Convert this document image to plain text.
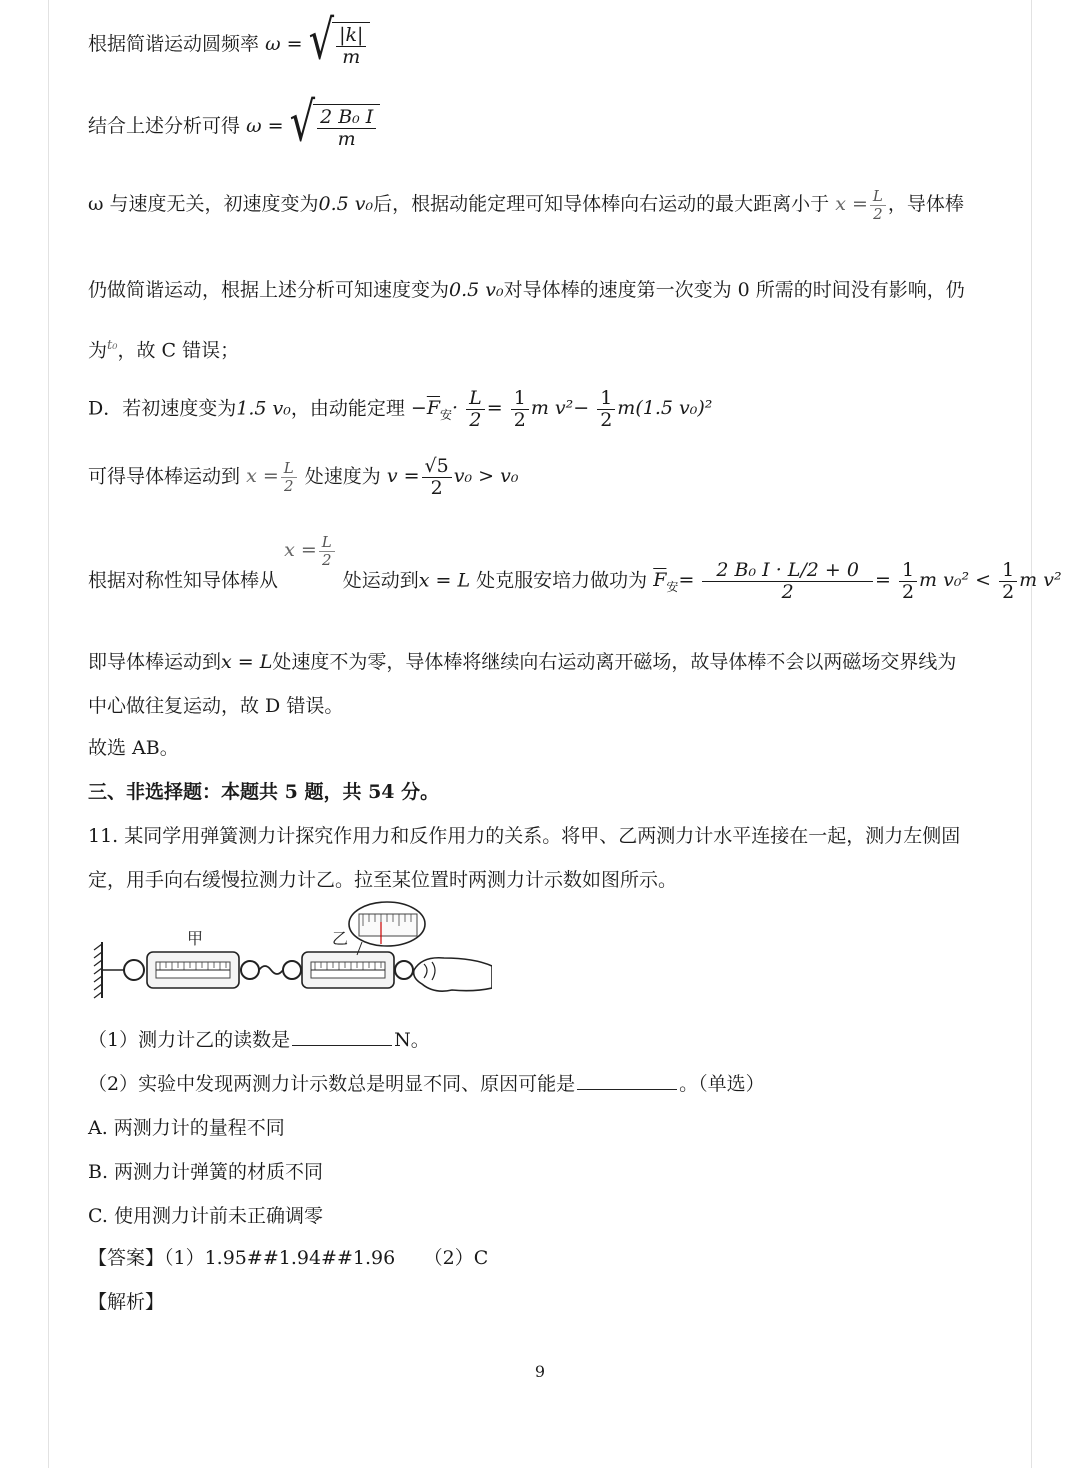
根据简谐运动圆频率 ω = √ $\frac{|k|}{m}$
结合上述分析可得 ω = √ $\frac{\text{2 B₀ I}}{m}$
ω 与速度无关，初速度变为0.5 v₀后，根据动能定理可知导体棒向右运动的最大距离小于 $x = \frac{L}{2}$ ，导体棒
仍做简谐运动，根据上述分析可知速度变为0.5 v₀对导体棒的速度第一次变为 0 所需的时间没有影响，仍
为$^{t_0}$，故 C 错误；
D．若初速度变为1.5 v₀，由动能定理 $-\overline{F}_安\cdot \frac{L}{2} = \frac{1}{2}$ m $v^2- \frac{1}{2} m(1.5$ v₀)²
可得导体棒运动到 $x = \frac{L}{2}$ 处速度为 $v = \frac{√5}{2} v_0 > v_0$
根据对称性知导体棒从 $x = \frac{L}{2}$
处运动到x = L 处克服安培力做功为 $\overline{F}_安= \frac{\text{2 B₀ I · L/2 + 0}}{2} = \frac{1}{2}$ m $v_0^2 < \frac{1}{2}$ m v²
即导体棒运动到x = L处速度不为零，导体棒将继续向右运动离开磁场，故导体棒不会以两磁场交界线为
中心做往复运动，故 D 错误。
故选 AB。
三、非选择题：本题共 5 题，共 54 分。
11. 某同学用弹簧测力计探究作用力和反作用力的关系。将甲、乙两测力计水平连接在一起，测力左侧固
定，用手向右缓慢拉测力计乙。拉至某位置时两测力计示数如图所示。
甲	乙
（1）测力计乙的读数是	N。
（2）实验中发现两测力计示数总是明显不同、原因可能是	。（单选）
A. 两测力计的量程不同
B. 两测力计弹簧的材质不同
C. 使用测力计前未正确调零
【答案】（1）1.95##1.94##1.96　　（2）C
【解析】
9
